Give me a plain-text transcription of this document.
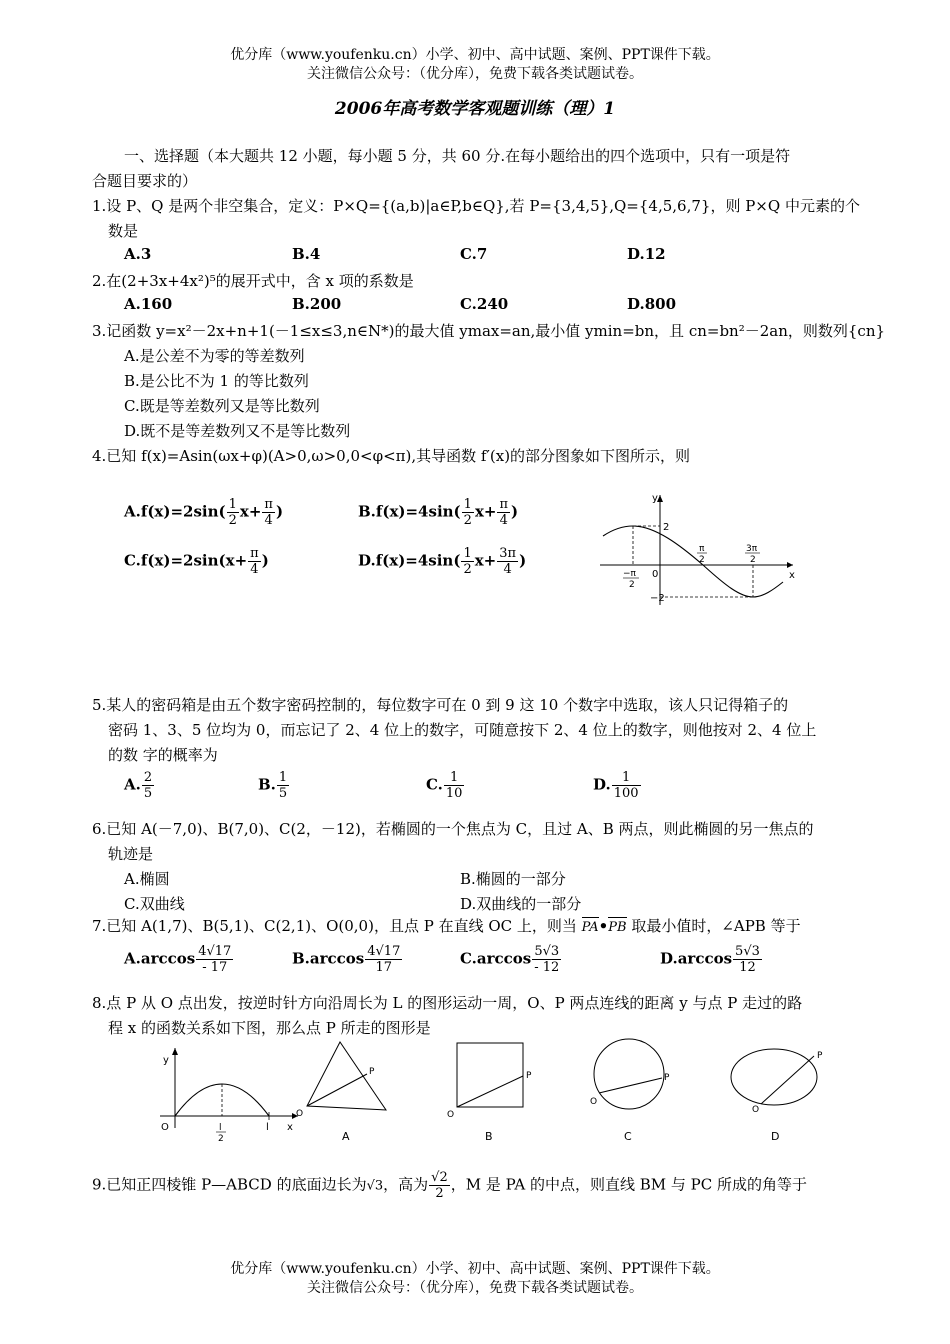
优分库（www.youfenku.cn）小学、初中、高中试题、案例、PPT课件下载。
关注微信公众号：（优分库），免费下载各类试题试卷。
2006年高考数学客观题训练（理）1
一、选择题（本大题共 12 小题，每小题 5 分，共 60 分.在每小题给出的四个选项中，只有一项是符
合题目要求的）
1.设 P、Q 是两个非空集合，定义：P×Q={(a,b)|a∈P,b∈Q},若 P={3,4,5},Q={4,5,6,7}，则 P×Q 中元素的个
数是
A.3	B.4	C.7	D.12
2.在(2+3x+4x²)⁵的展开式中，含 x 项的系数是
A.160	B.200	C.240	D.800
3.记函数 y=x²－2x+n+1(－1≤x≤3,n∈N*)的最大值 ymax=an,最小值 ymin=bn，且 cn=bn²－2an，则数列{cn}
A.是公差不为零的等差数列
B.是公比不为 1 的等比数列
C.既是等差数列又是等比数列
D.既不是等差数列又不是等比数列
4.已知 f(x)=Asin(ωx+φ)(A>0,ω>0,0<φ<π),其导函数 f′(x)的部分图象如下图所示，则
$A.f(x)=2\sin( \frac{1}{2} x+ \frac{\pi}{4}$ )	$B.f(x)=4\sin( \frac{1}{2} x+ \frac{\pi}{4}$ )
$C.f(x)=2\sin(x+ \frac{\pi}{4}$ )	$D.f(x)=4\sin( \frac{1}{2} x+ \frac{3\pi}{4}$ )
y
x
0
2
−2
π
2
−π
2
3π
2
5.某人的密码箱是由五个数字密码控制的，每位数字可在 0 到 9 这 10 个数字中选取，该人只记得箱子的
密码 1、3、5 位均为 0，而忘记了 2、4 位上的数字，可随意按下 2、4 位上的数字，则他按对 2、4 位上
的数 字的概率为
A. $\frac{2}{5}$	B. $\frac{1}{5}$	C. $\frac{1}{10}$	D. $\frac{1}{100}$
6.已知 A(－7,0)、B(7,0)、C(2，－12)，若椭圆的一个焦点为 C，且过 A、B 两点，则此椭圆的另一焦点的
轨迹是
A.椭圆	B.椭圆的一部分
C.双曲线	D.双曲线的一部分
7.已知 A(1,7)、B(5,1)、C(2,1)、O(0,0)，且点 P 在直线 OC 上，则当 PA•
PB 取最小值时，∠APB 等于
$A.\arccos \frac{4√17}{- 17}$	$B.\arccos \frac{4√17}{17}$	$C.\arccos \frac{5√3}{- 12}$	$D.\arccos \frac{5√3}{12}$
8.点 P 从 O 点出发，按逆时针方向沿周长为 L 的图形运动一周，O、P 两点连线的距离 y 与点 P 走过的路
程 x 的函数关系如下图，那么点 P 所走的图形是
y
x
O	l
l
2
P
O
A
P
O
B
P
O
C
P
O
D
9.已知正四棱锥 P—ABCD 的底面边长为√3，高为 $\frac{√2}{2}$ ，M 是 PA 的中点，则直线 BM 与 PC 所成的角等于
优分库（www.youfenku.cn）小学、初中、高中试题、案例、PPT课件下载。
关注微信公众号：（优分库），免费下载各类试题试卷。
